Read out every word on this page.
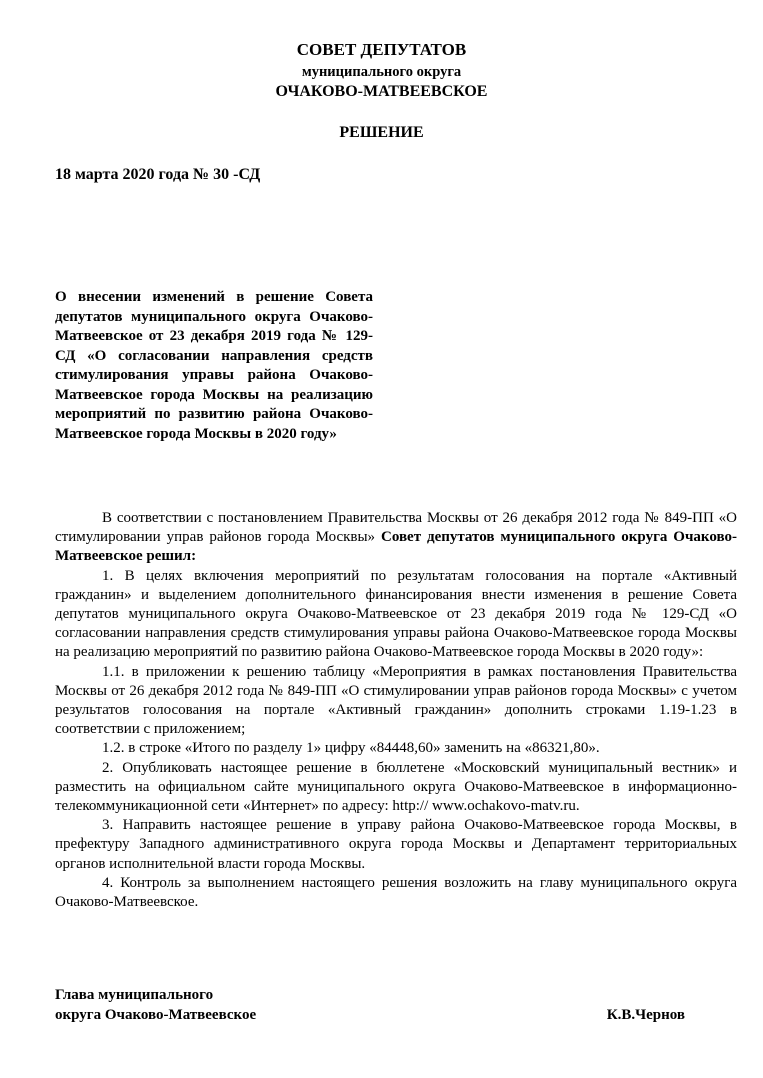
СОВЕТ ДЕПУТАТОВ
муниципального округа
ОЧАКОВО-МАТВЕЕВСКОЕ
РЕШЕНИЕ
18 марта 2020 года № 30 -СД
О внесении изменений в решение Совета депутатов муниципального округа Очаково-Матвеевское от 23 декабря 2019 года № 129-СД «О согласовании направления средств стимулирования управы района Очаково-Матвеевское города Москвы на реализацию мероприятий по развитию района Очаково-Матвеевское города Москвы в 2020 году»

В соответствии с постановлением Правительства Москвы от 26 декабря 2012 года № 849-ПП «О стимулировании управ районов города Москвы» Совет депутатов муниципального округа Очаково-Матвеевское решил:

1. В целях включения мероприятий по результатам голосования на портале «Активный гражданин» и выделением дополнительного финансирования внести изменения в решение Совета депутатов муниципального округа Очаково-Матвеевское от 23 декабря 2019 года № 129-СД «О согласовании направления средств стимулирования управы района Очаково-Матвеевское города Москвы на реализацию мероприятий по развитию района Очаково-Матвеевское города Москвы в 2020 году»:

1.1. в приложении к решению таблицу «Мероприятия в рамках постановления Правительства Москвы от 26 декабря 2012 года № 849-ПП «О стимулировании управ районов города Москвы» с учетом результатов голосования на портале «Активный гражданин» дополнить строками 1.19-1.23 в соответствии с приложением;

1.2. в строке «Итого по разделу 1» цифру «84448,60» заменить на «86321,80».

2. Опубликовать настоящее решение в бюллетене «Московский муниципальный вестник» и разместить на официальном сайте муниципального округа Очаково-Матвеевское в информационно-телекоммуникационной сети «Интернет» по адресу: http:// www.ochakovo-matv.ru.

3. Направить настоящее решение в управу района Очаково-Матвеевское города Москвы, в префектуру Западного административного округа города Москвы и Департамент территориальных органов исполнительной власти города Москвы.

4. Контроль за выполнением настоящего решения возложить на главу муниципального округа Очаково-Матвеевское.

Глава муниципального
округа Очаково-Матвеевское	К.В.Чернов
